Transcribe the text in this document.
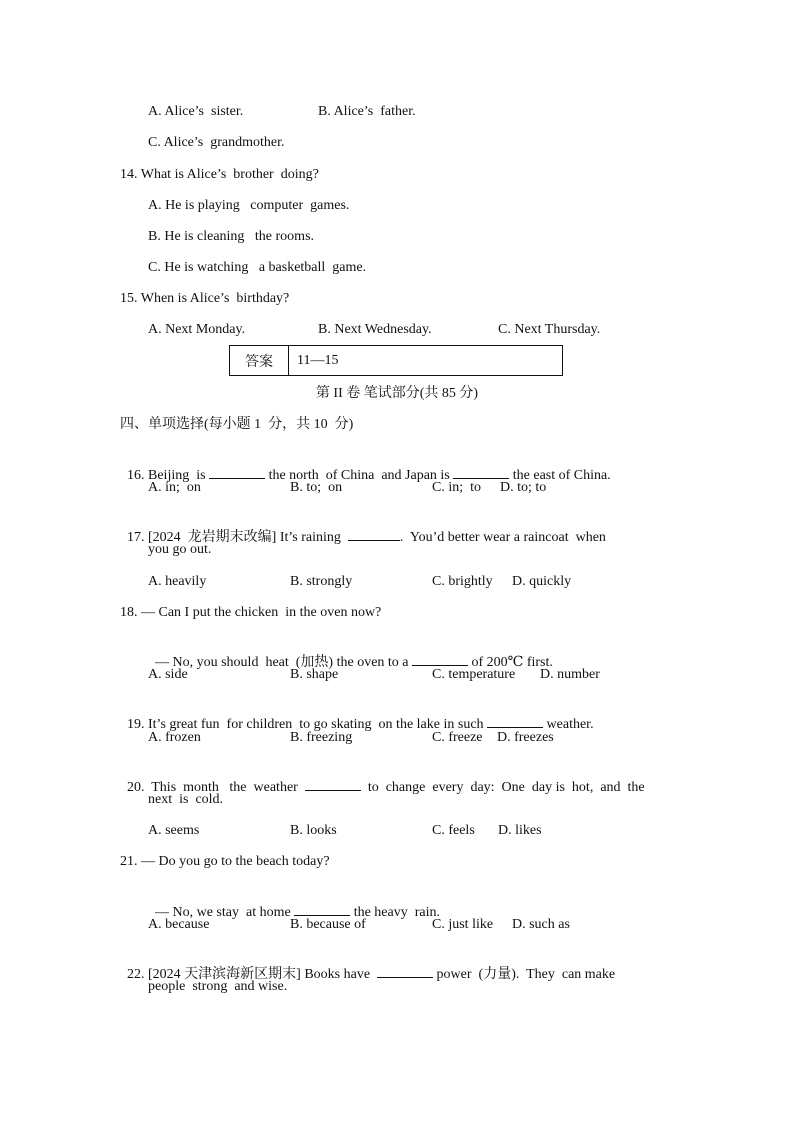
A. Alice’s  sister.	B. Alice’s  father.
C. Alice’s  grandmother.
14. What is Alice’s  brother  doing?
A. He is playing   computer  games.
B. He is cleaning   the rooms.
C. He is watching   a basketball  game.
15. When is Alice’s  birthday?
A. Next Monday.	B. Next Wednesday.	C. Next Thursday.
答案	11—15
第 II 卷 笔试部分(共 85 分)
四、单项选择(每小题 1  分，共 10  分)

16. Beijing  is	the north  of China  and Japan is	the east of China.

A. in;  on	B. to;  on	C. in;  to D. to; to

17. [2024  龙岩期末改编] It’s raining	.  You’d better wear a raincoat  when

you go out.
A. heavily	B. strongly	C. brightly D. quickly
18. — Can I put the chicken  in the oven now?

— No, you should  heat  (加热) the oven to a	of 200℃ first.

A. side	B. shape	C. temperature D. number

19. It’s great fun  for children  to go skating  on the lake in such	weather.

A. frozen	B. freezing	C. freeze D. freezes

20.  This  month   the  weather	to  change  every  day:  One  day is  hot,  and  the

next  is  cold.
A. seems	B. looks	C. feels D. likes
21. — Do you go to the beach today?

— No, we stay  at home	the heavy  rain.

A. because	B. because of	C. just like D. such as

22. [2024 天津滨海新区期末] Books have	power  (力量).  They  can make

people  strong  and wise.
